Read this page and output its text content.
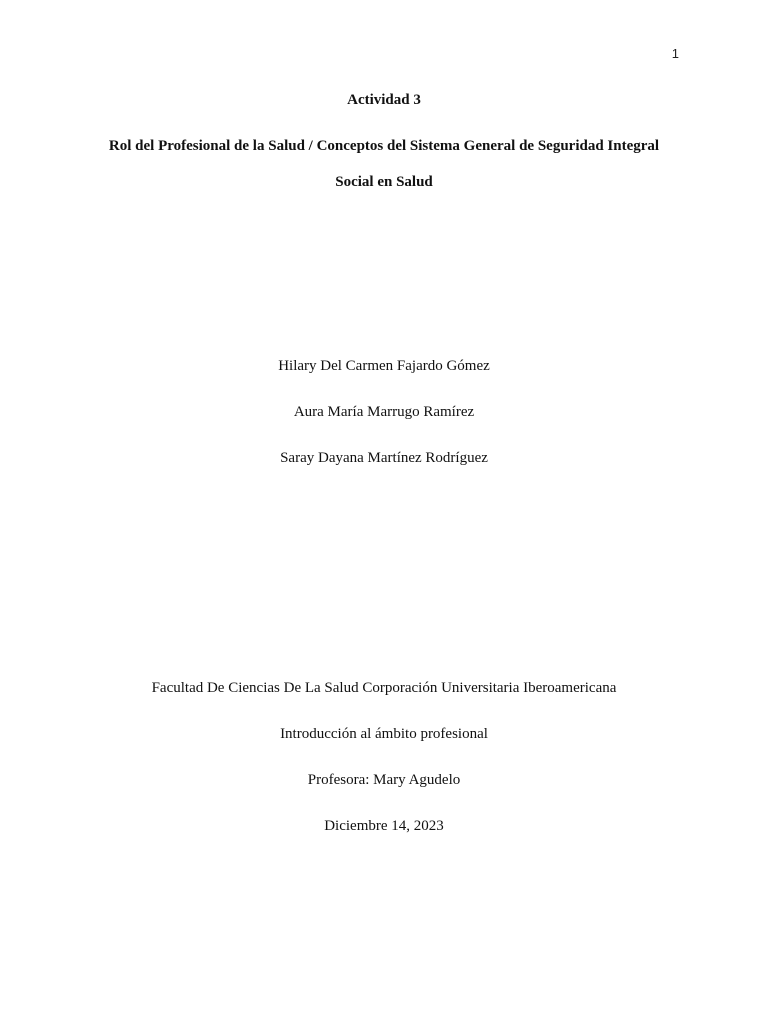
1
Actividad 3
Rol del Profesional de la Salud / Conceptos del Sistema General de Seguridad Integral
Social en Salud
Hilary Del Carmen Fajardo Gómez
Aura María Marrugo Ramírez
Saray Dayana Martínez Rodríguez
Facultad De Ciencias De La Salud Corporación Universitaria Iberoamericana
Introducción al ámbito profesional
Profesora: Mary Agudelo
Diciembre 14, 2023
